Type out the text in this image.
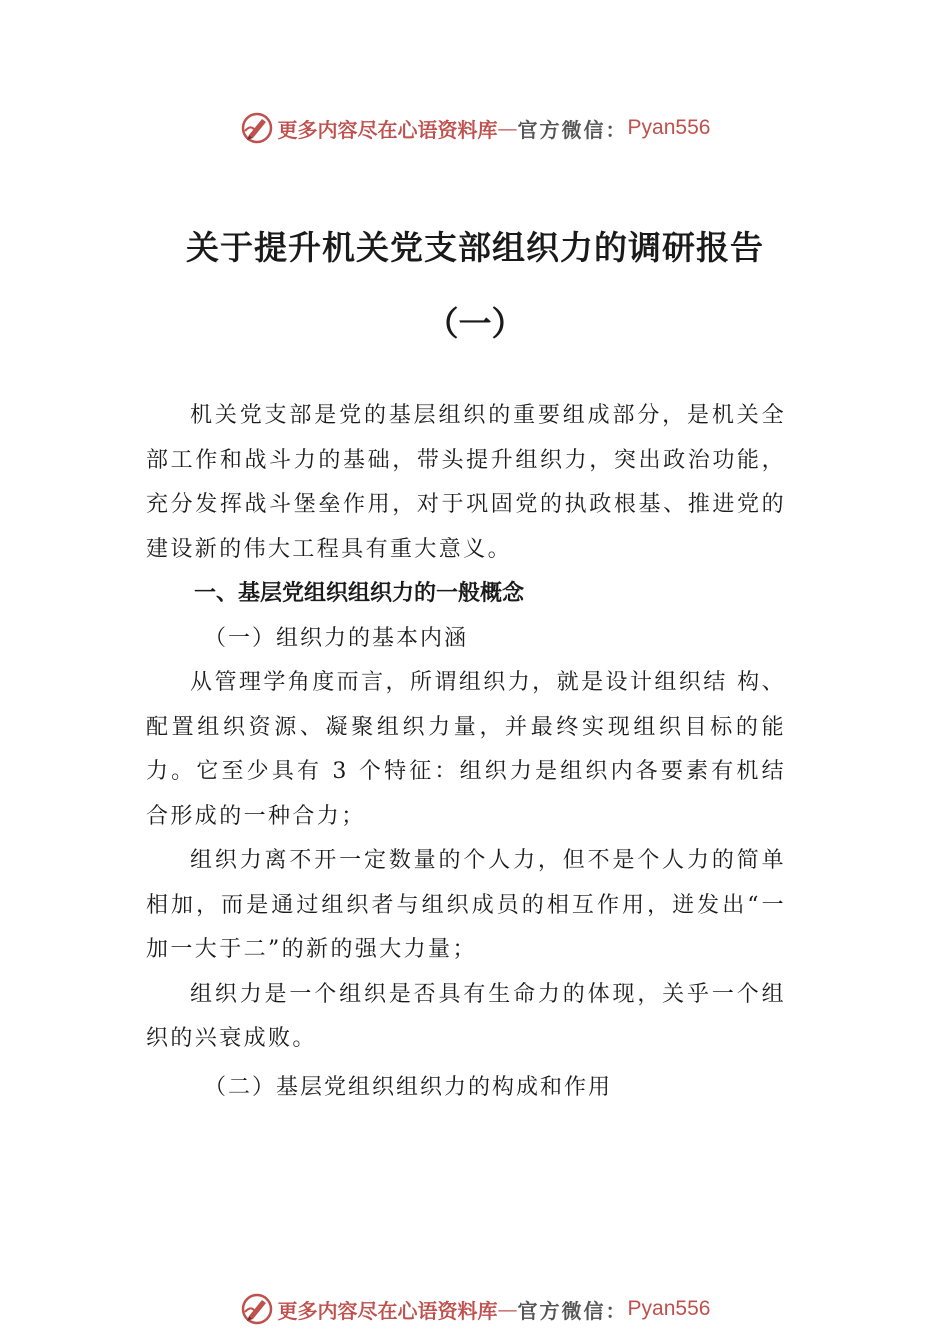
更多内容尽在心语资料库 — 官方微信： Pyan556
关于提升机关党支部组织力的调研报告
（一）

机关党支部是党的基层组织的重要组成部分，是机关全部工作和战斗力的基础，带头提升组织力，突出政治功能，充分发挥战斗堡垒作用，对于巩固党的执政根基、推进党的建设新的伟大工程具有重大意义。

一、基层党组织组织力的一般概念

（一）组织力的基本内涵

从管理学角度而言，所谓组织力，就是设计组织结 构、配置组织资源、凝聚组织力量，并最终实现组织目标的能力。它至少具有 3 个特征：组织力是组织内各要素有机结合形成的一种合力；

组织力离不开一定数量的个人力，但不是个人力的简单相加，而是通过组织者与组织成员的相互作用，迸发出“一加一大于二”的新的强大力量；

组织力是一个组织是否具有生命力的体现，关乎一个组织的兴衰成败。

（二）基层党组织组织力的构成和作用

更多内容尽在心语资料库 — 官方微信： Pyan556
